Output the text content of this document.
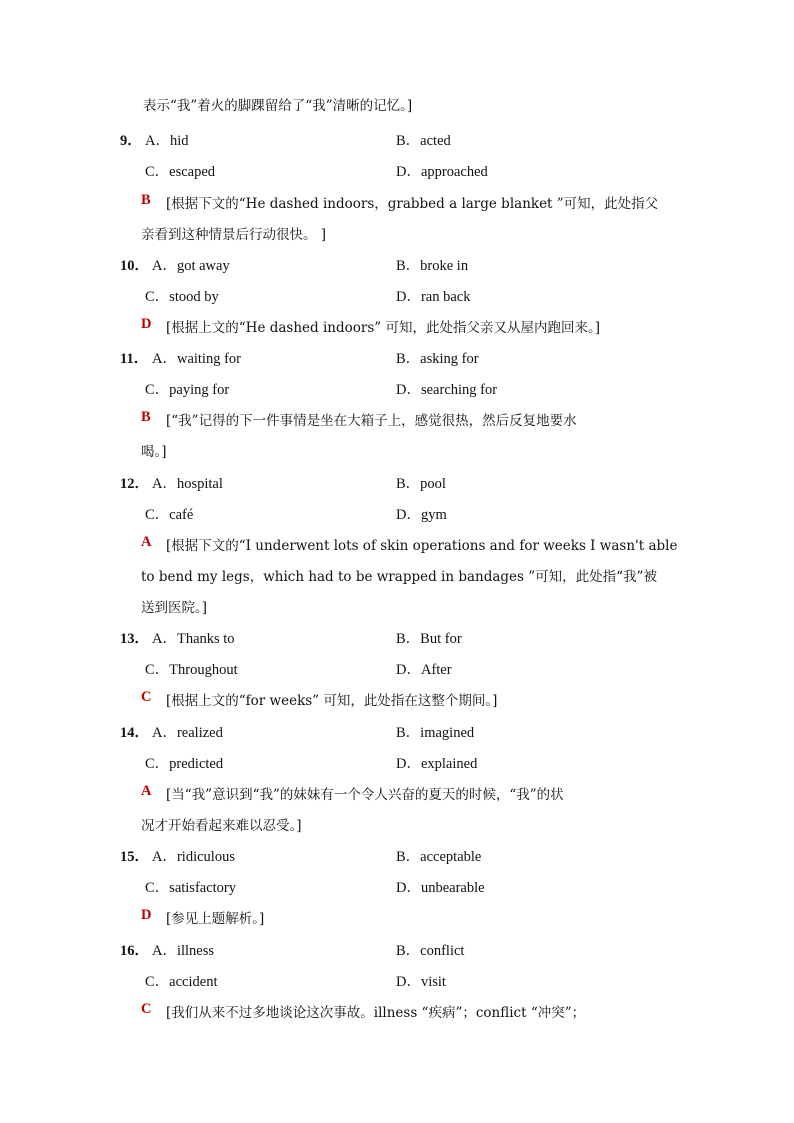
表示“我”着火的脚踝留给了“我”清晰的记忆。]
9． A．hid	B．acted
C．escaped	D．approached
B [根据下文的“He dashed indoors，grabbed a large blanket ”可知，此处指父
亲看到这种情景后行动很快。 ]
10． A．got away	B．broke in
C．stood by	D．ran back
D [根据上文的“He dashed indoors” 可知，此处指父亲又从屋内跑回来。]
11． A．waiting for	B．asking for
C．paying for	D．searching for
B [“我”记得的下一件事情是坐在大箱子上，感觉很热，然后反复地要水
喝。]
12． A．hospital	B．pool
C．café	D．gym
A [根据下文的“I underwent lots of skin operations and for weeks I wasn't able
to bend my legs，which had to be wrapped in bandages ”可知，此处指“我”被
送到医院。]
13． A．Thanks to	B．But for
C．Throughout	D．After
C [根据上文的“for weeks” 可知，此处指在这整个期间。]
14． A．realized	B．imagined
C．predicted	D．explained
A [当“我”意识到“我”的妹妹有一个令人兴奋的夏天的时候，“我”的状
况才开始看起来难以忍受。]
15． A．ridiculous	B．acceptable
C．satisfactory	D．unbearable
D [参见上题解析。]
16． A．illness	B．conflict
C．accident	D．visit
C [我们从来不过多地谈论这次事故。illness “疾病”；conflict “冲突”；
